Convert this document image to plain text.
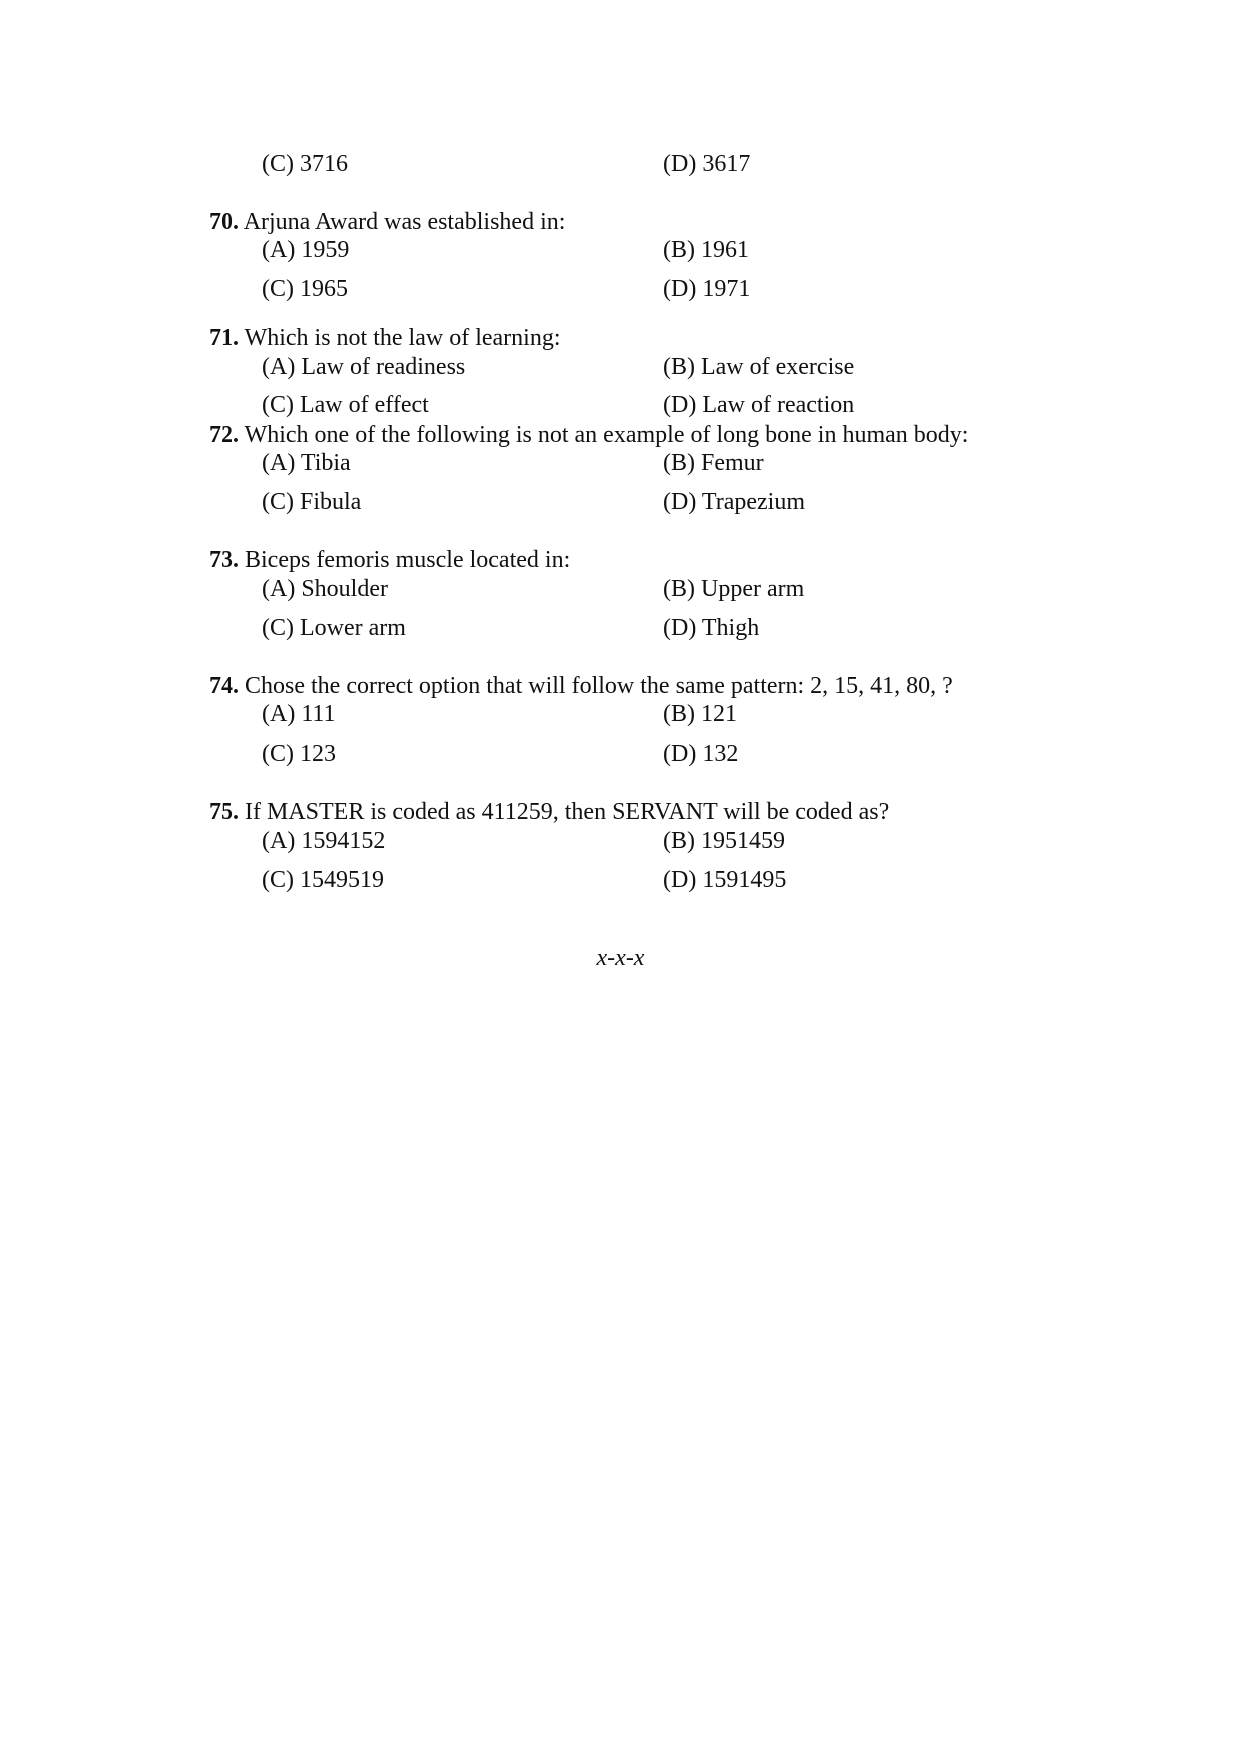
(C) 3716	(D) 3617
70. Arjuna Award was established in:
(A) 1959	(B) 1961
(C) 1965	(D) 1971
71. Which is not the law of learning:
(A) Law of readiness	(B) Law of exercise
(C) Law of effect	(D) Law of reaction
72. Which one of the following is not an example of long bone in human body:
(A) Tibia	(B) Femur
(C) Fibula	(D) Trapezium
73. Biceps femoris muscle located in:
(A) Shoulder	(B) Upper arm
(C) Lower arm	(D) Thigh
74. Chose the correct option that will follow the same pattern: 2, 15, 41, 80, ?
(A) 111	(B) 121
(C) 123	(D) 132
75. If MASTER is coded as 411259, then SERVANT will be coded as?
(A) 1594152	(B) 1951459
(C) 1549519	(D) 1591495
x-x-x
